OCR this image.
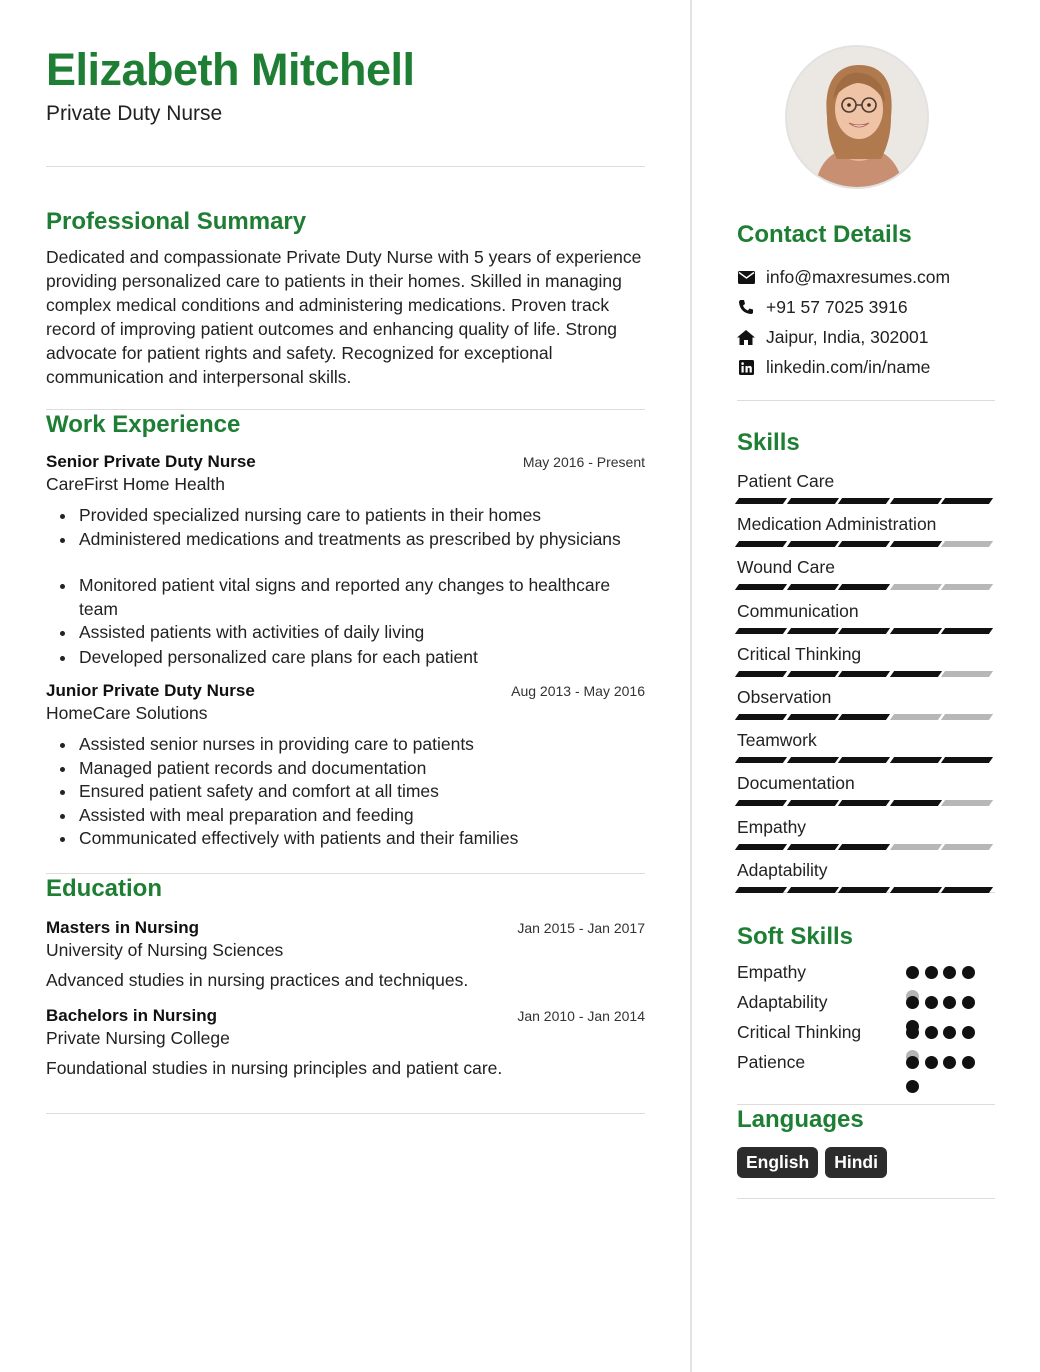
Elizabeth Mitchell
Private Duty Nurse
Professional Summary

Dedicated and compassionate Private Duty Nurse with 5 years of experience providing personalized care to patients in their homes. Skilled in managing complex medical conditions and administering medications. Proven track record of improving patient outcomes and enhancing quality of life. Strong advocate for patient rights and safety. Recognized for exceptional communication and interpersonal skills.

Work Experience
Senior Private Duty Nurse	May 2016 - Present
CareFirst Home Health
Provided specialized nursing care to patients in their homes
Administered medications and treatments as prescribed by physicians
Monitored patient vital signs and reported any changes to healthcare team
Assisted patients with activities of daily living
Developed personalized care plans for each patient
Junior Private Duty Nurse	Aug 2013 - May 2016
HomeCare Solutions
Assisted senior nurses in providing care to patients
Managed patient records and documentation
Ensured patient safety and comfort at all times
Assisted with meal preparation and feeding
Communicated effectively with patients and their families
Education
Masters in Nursing	Jan 2015 - Jan 2017
University of Nursing Sciences
Advanced studies in nursing practices and techniques.
Bachelors in Nursing	Jan 2010 - Jan 2014
Private Nursing College
Foundational studies in nursing principles and patient care.
Contact Details
info@maxresumes.com
+91 57 7025 3916
Jaipur, India, 302001
linkedin.com/in/name
Skills
Patient Care
Medication Administration
Wound Care
Communication
Critical Thinking
Observation
Teamwork
Documentation
Empathy
Adaptability
Soft Skills
Empathy
Adaptability
Critical Thinking
Patience
Languages
English	Hindi
